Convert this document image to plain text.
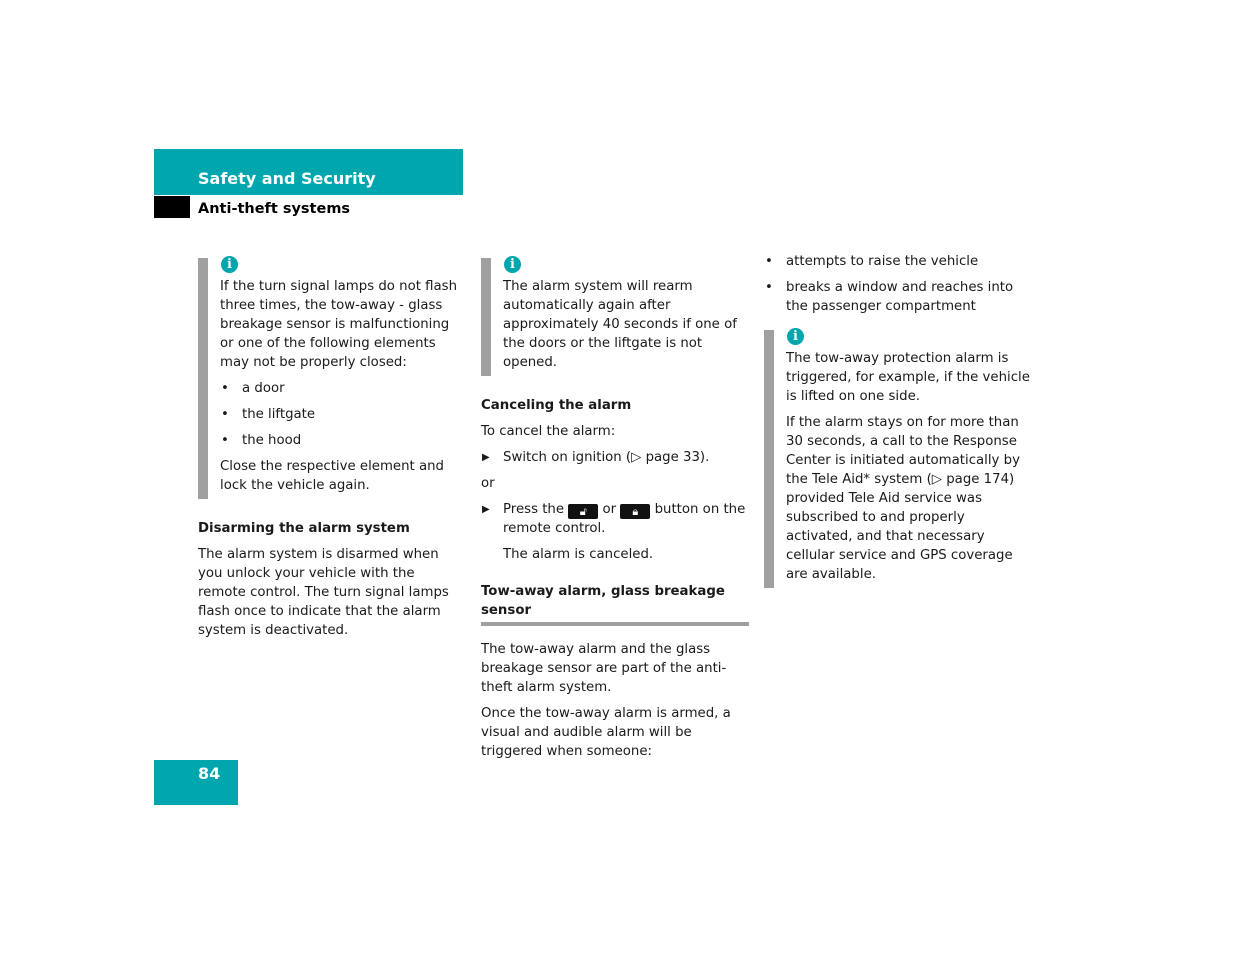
Safety and Security
Anti-theft systems
i

If the turn signal lamps do not flash three times, the tow-away - glass breakage sensor is malfunctioning or one of the following elements may not be properly closed:

• a door
• the liftgate
• the hood

Close the respective element and lock the vehicle again.

Disarming the alarm system

The alarm system is disarmed when you unlock your vehicle with the remote control. The turn signal lamps flash once to indicate that the alarm system is deactivated.

i

The alarm system will rearm automatically again after approximately 40 seconds if one of the doors or the liftgate is not opened.

Canceling the alarm

To cancel the alarm:

▶ Switch on ignition (▷ page 33).

or

▶ Press the 🔓︎ or 🔒︎ button on the remote control.

The alarm is canceled.

Tow-away alarm, glass breakage sensor

The tow-away alarm and the glass breakage sensor are part of the anti-theft alarm system.

Once the tow-away alarm is armed, a visual and audible alarm will be triggered when someone:

• attempts to raise the vehicle
• breaks a window and reaches into the passenger compartment
i

The tow-away protection alarm is triggered, for example, if the vehicle is lifted on one side.

If the alarm stays on for more than 30 seconds, a call to the Response Center is initiated automatically by the Tele Aid* system (▷ page 174) provided Tele Aid service was subscribed to and properly activated, and that necessary cellular service and GPS coverage are available.

84
